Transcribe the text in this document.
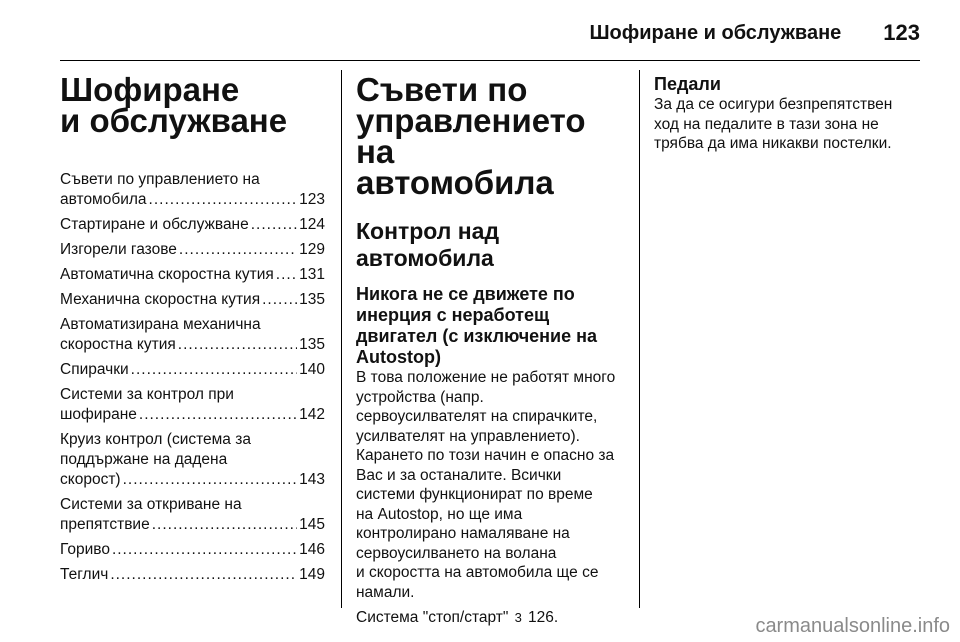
Шофиране и обслужване 123
Шофиране
и обслужване
Съвети по управлението на
автомобила .....	123
Стартиране и обслужване .....	124
Изгорели газове .....	129
Автоматична скоростна кутия ..... 131
Механична скоростна кутия .....	135
Автоматизирана механична
скоростна кутия .....	135
Спирачки .....	140
Системи за контрол при
шофиране .....	142
Круиз контрол (система за
поддържане на дадена
скорост) .....	143
Системи за откриване на
препятствие .....	145
Гориво .....	146
Теглич .....	149
Съвети по
управлението на
автомобила
Контрол над автомобила
Никога не се движете по
инерция с неработещ
двигател (с изключение на
Autostop)
В това положение не работят много
устройства (напр.
сервоусилвателят на спирачките,
усилвателят на управлението).
Карането по този начин е опасно за
Вас и за останалите. Всички
системи функционират по време
на Autostop, но ще има
контролирано намаляване на
сервоусилването на волана
и скоростта на автомобила ще се
намали.
Система "стоп/старт" 3 126.
Педали
За да се осигури безпрепятствен
ход на педалите в тази зона не
трябва да има никакви постелки.
carmanualsonline.info
